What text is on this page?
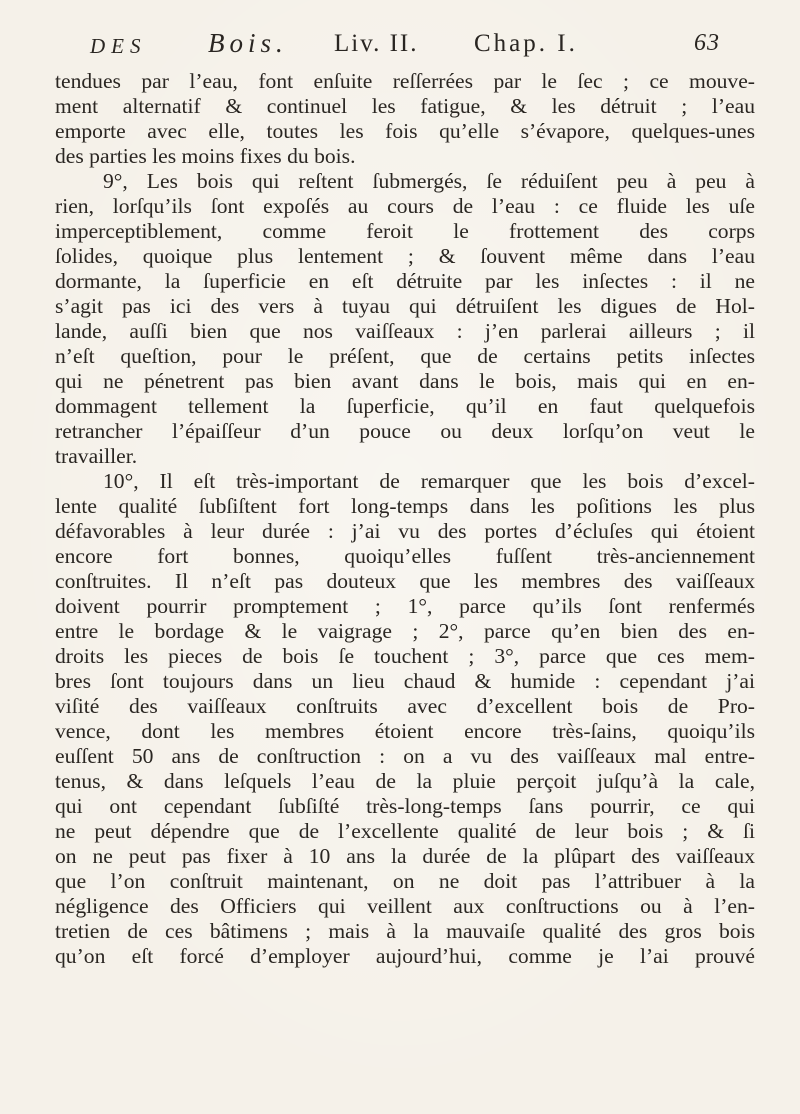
DES Bois. Liv. II. Chap. I.	63
tendues par l’eau, font enſuite reſſerrées par le ſec ; ce mouve-
ment alternatif & continuel les fatigue, & les détruit ; l’eau
emporte avec elle, toutes les fois qu’elle s’évapore, quelques-unes
des parties les moins fixes du bois.
9°, Les bois qui reſtent ſubmergés, ſe réduiſent peu à peu à
rien, lorſqu’ils ſont expoſés au cours de l’eau : ce fluide les uſe
imperceptiblement, comme feroit le frottement des corps
ſolides, quoique plus lentement ; & ſouvent même dans l’eau
dormante, la ſuperficie en eſt détruite par les inſectes : il ne
s’agit pas ici des vers à tuyau qui détruiſent les digues de Hol-
lande, auſſi bien que nos vaiſſeaux : j’en parlerai ailleurs ; il
n’eſt queſtion, pour le préſent, que de certains petits inſectes
qui ne pénetrent pas bien avant dans le bois, mais qui en en-
dommagent tellement la ſuperficie, qu’il en faut quelquefois
retrancher l’épaiſſeur d’un pouce ou deux lorſqu’on veut le
travailler.
10°, Il eſt très-important de remarquer que les bois d’excel-
lente qualité ſubſiſtent fort long-temps dans les poſitions les plus
défavorables à leur durée : j’ai vu des portes d’écluſes qui étoient
encore fort bonnes, quoiqu’elles fuſſent très-anciennement
conſtruites. Il n’eſt pas douteux que les membres des vaiſſeaux
doivent pourrir promptement ; 1°, parce qu’ils ſont renfermés
entre le bordage & le vaigrage ; 2°, parce qu’en bien des en-
droits les pieces de bois ſe touchent ; 3°, parce que ces mem-
bres ſont toujours dans un lieu chaud & humide : cependant j’ai
viſité des vaiſſeaux conſtruits avec d’excellent bois de Pro-
vence, dont les membres étoient encore très-ſains, quoiqu’ils
euſſent 50 ans de conſtruction : on a vu des vaiſſeaux mal entre-
tenus, & dans leſquels l’eau de la pluie perçoit juſqu’à la cale,
qui ont cependant ſubſiſté très-long-temps ſans pourrir, ce qui
ne peut dépendre que de l’excellente qualité de leur bois ; & ſi
on ne peut pas fixer à 10 ans la durée de la plûpart des vaiſſeaux
que l’on conſtruit maintenant, on ne doit pas l’attribuer à la
négligence des Officiers qui veillent aux conſtructions ou à l’en-
tretien de ces bâtimens ; mais à la mauvaiſe qualité des gros bois
qu’on eſt forcé d’employer aujourd’hui, comme je l’ai prouvé
